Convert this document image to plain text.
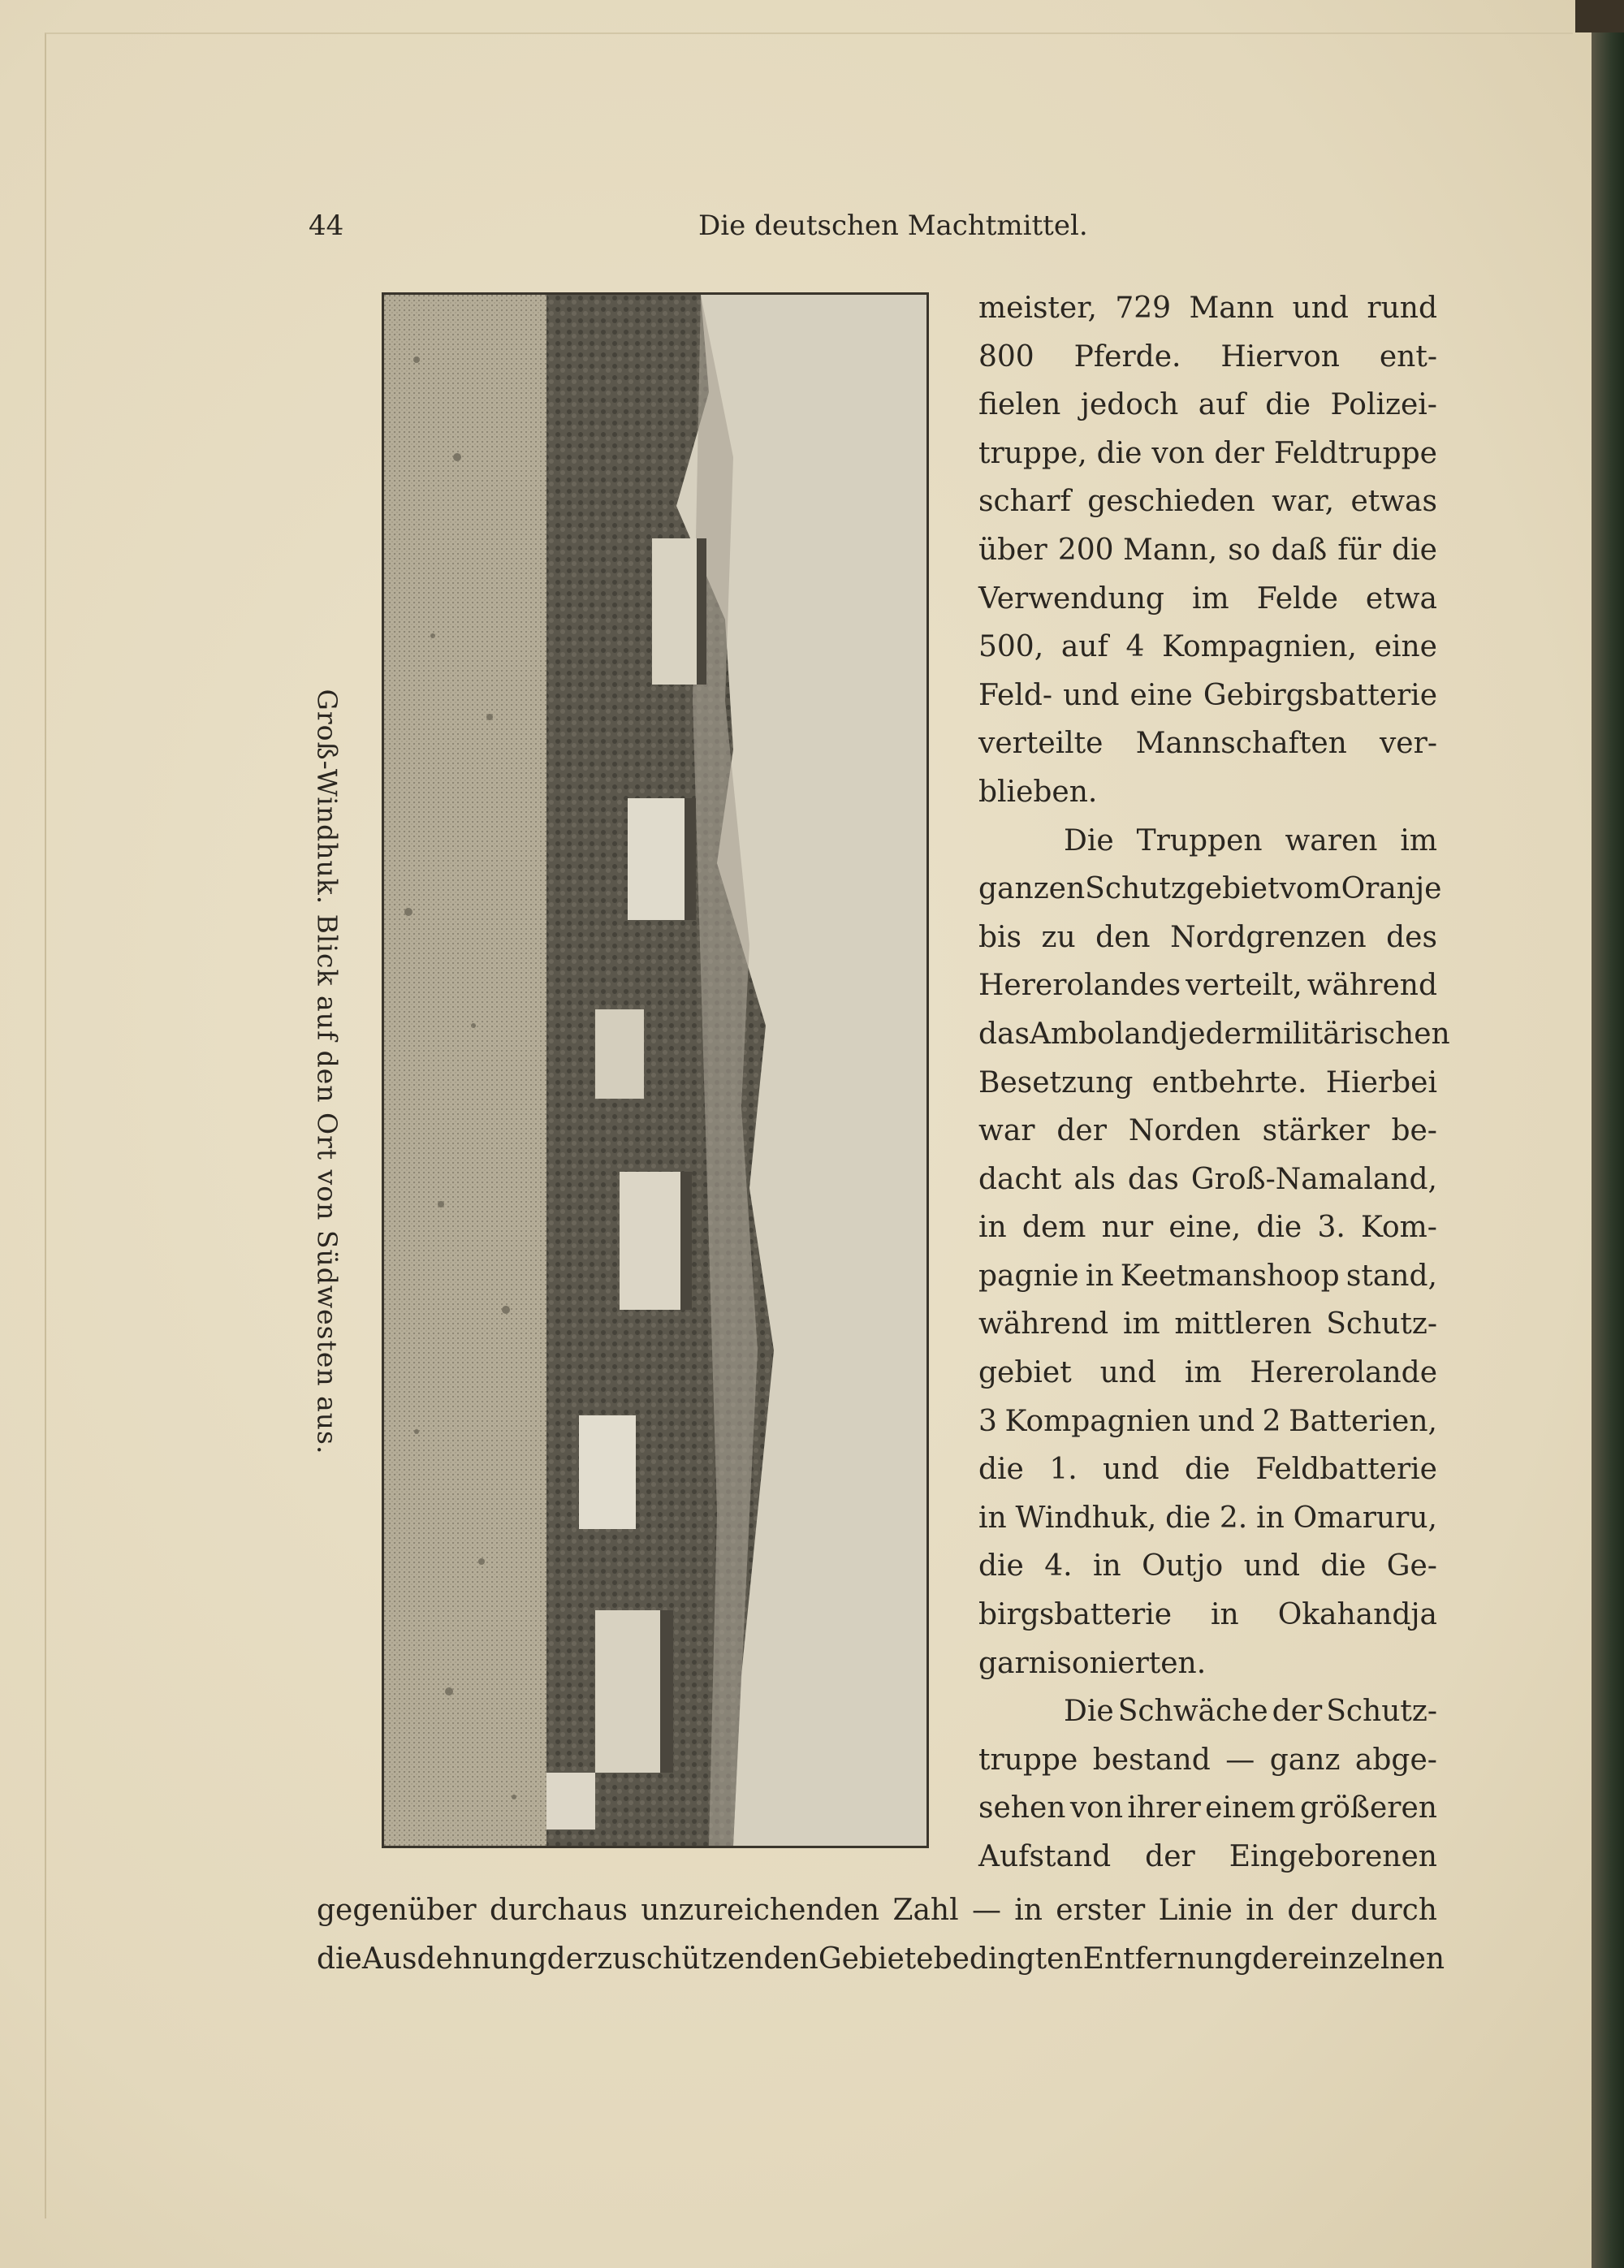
44	Die deutschen Machtmittel.
Groß-Windhuk. Blick auf den Ort von Südwesten aus.
meister, 729 Mann und rund
800 Pferde. Hiervon ent-
fielen jedoch auf die Polizei-
truppe, die von der Feldtruppe
scharf geschieden war, etwas
über 200 Mann, so daß für die
Verwendung im Felde etwa
500, auf 4 Kompagnien, eine
Feld- und eine Gebirgsbatterie
verteilte Mannschaften ver-
blieben.
Die Truppen waren im
ganzen Schutzgebiet vom Oranje
bis zu den Nordgrenzen des
Hererolandes verteilt, während
das Amboland jeder militärischen
Besetzung entbehrte. Hierbei
war der Norden stärker be-
dacht als das Groß-Namaland,
in dem nur eine, die 3. Kom-
pagnie in Keetmanshoop stand,
während im mittleren Schutz-
gebiet und im Hererolande
3 Kompagnien und 2 Batterien,
die 1. und die Feldbatterie
in Windhuk, die 2. in Omaruru,
die 4. in Outjo und die Ge-
birgsbatterie in Okahandja
garnisonierten.
Die Schwäche der Schutz-
truppe bestand — ganz abge-
sehen von ihrer einem größeren
Aufstand der Eingeborenen
gegenüber durchaus unzureichenden Zahl — in erster Linie in der durch
die Ausdehnung der zu schützenden Gebiete bedingten Entfernung der einzelnen
